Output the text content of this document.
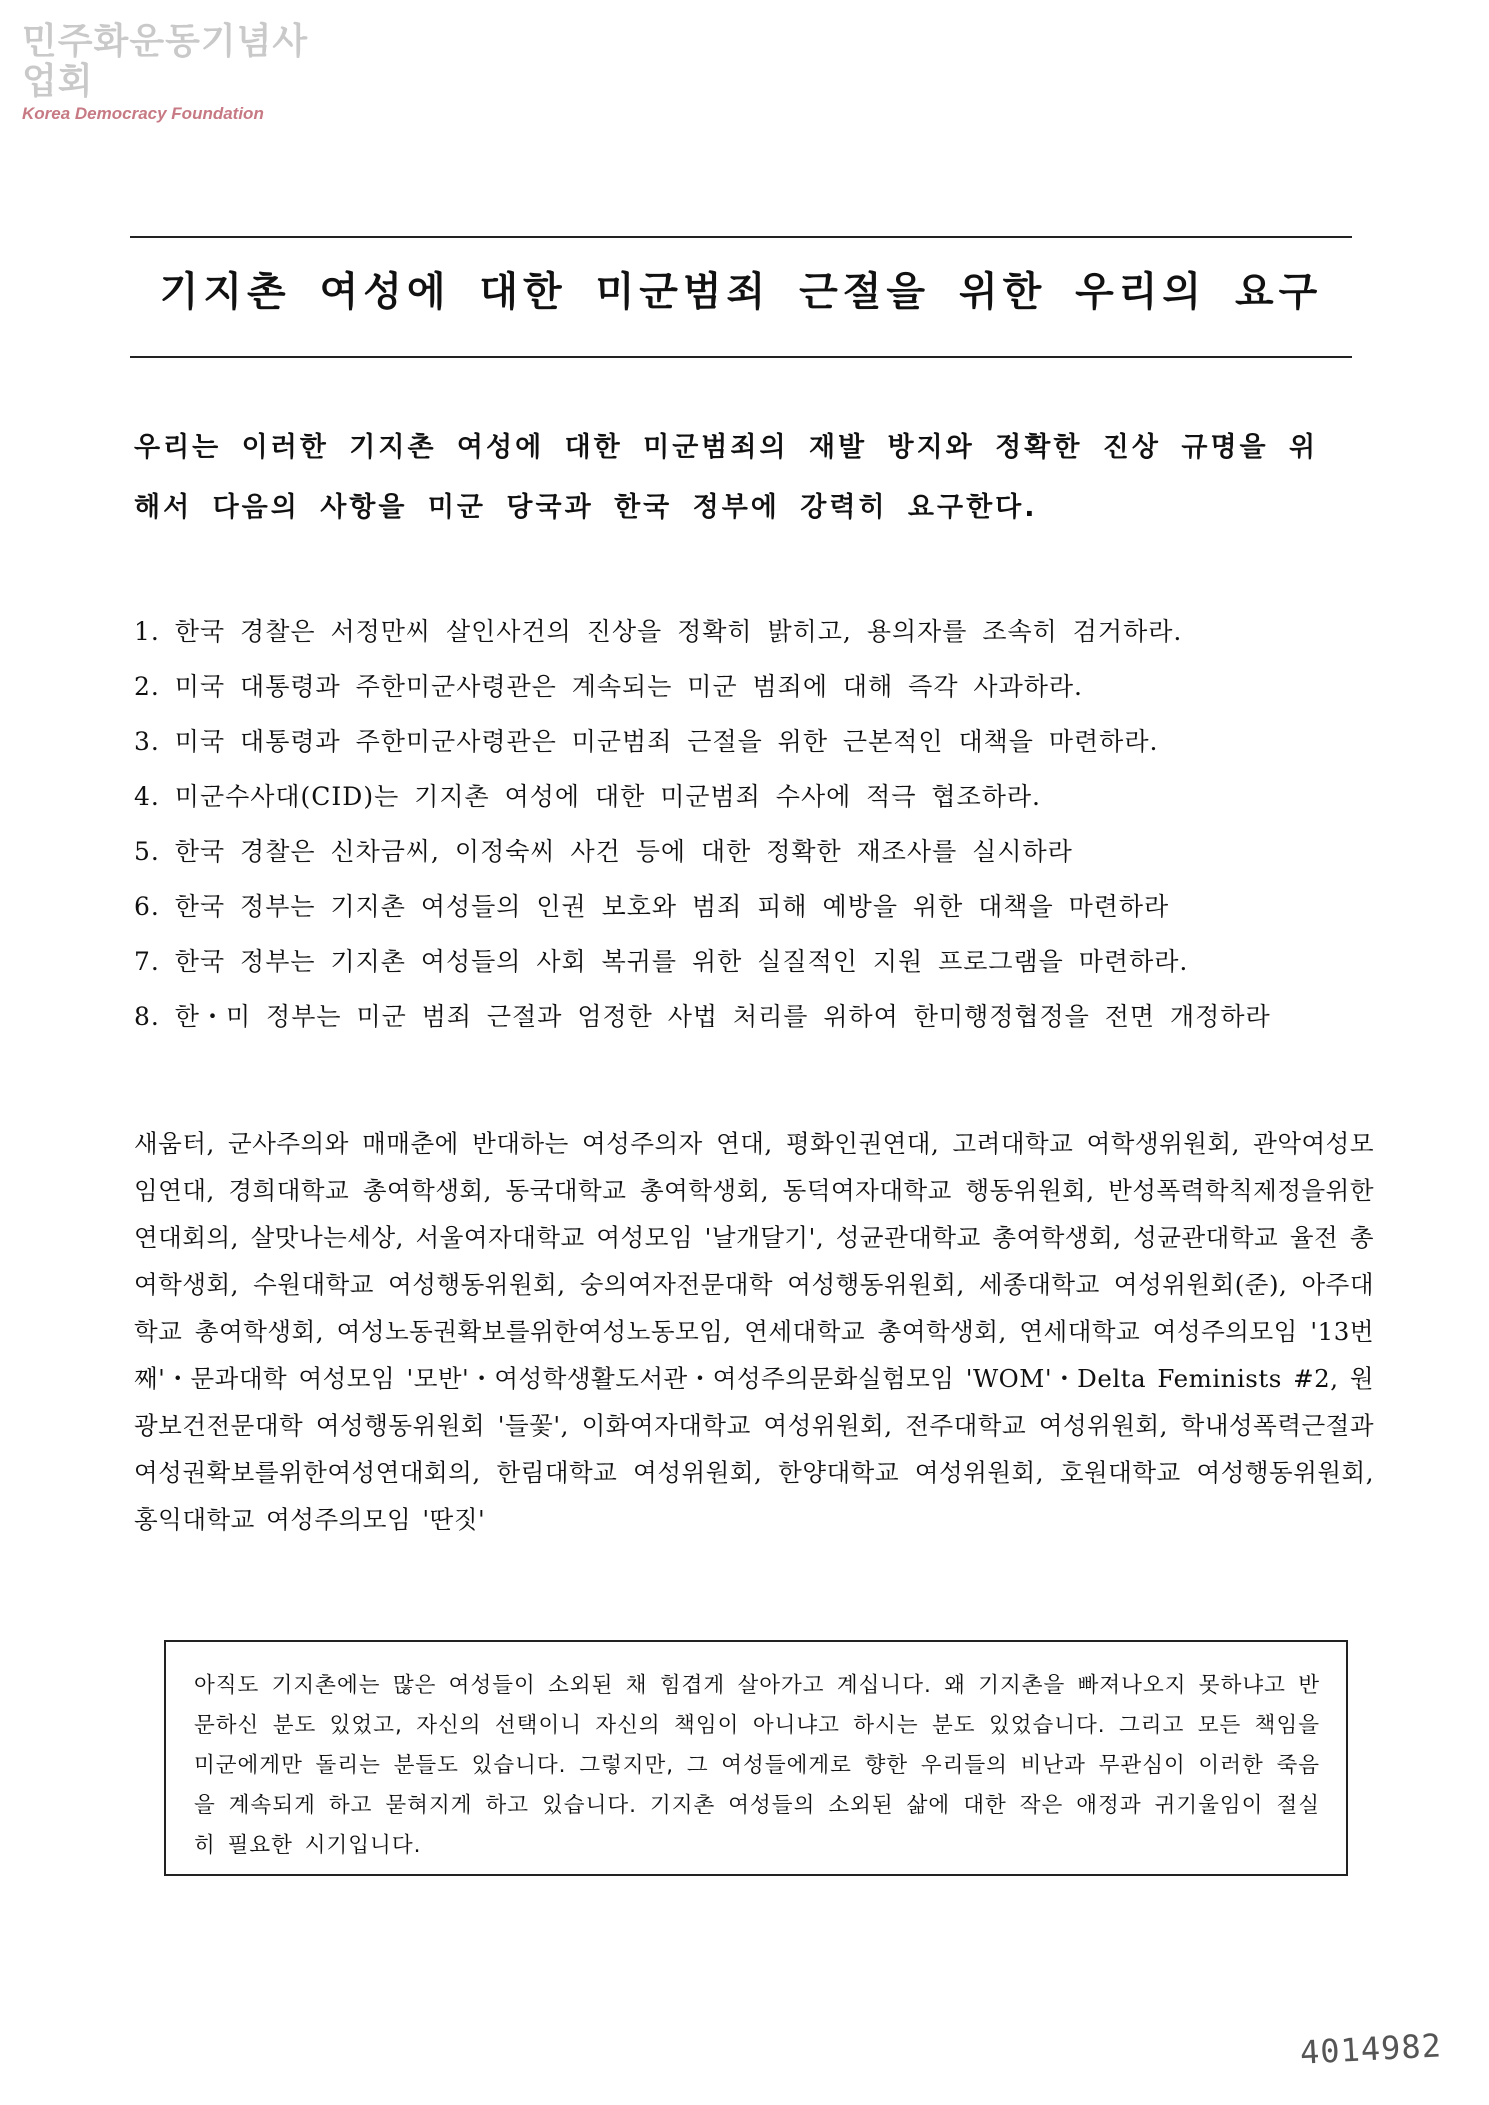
민주화운동기념사업회
Korea Democracy Foundation
기지촌 여성에 대한 미군범죄 근절을 위한 우리의 요구
우리는 이러한 기지촌 여성에 대한 미군범죄의 재발 방지와 정확한 진상 규명을 위
해서 다음의 사항을 미군 당국과 한국 정부에 강력히 요구한다.
1. 한국 경찰은 서정만씨 살인사건의 진상을 정확히 밝히고, 용의자를 조속히 검거하라.
2. 미국 대통령과 주한미군사령관은 계속되는 미군 범죄에 대해 즉각 사과하라.
3. 미국 대통령과 주한미군사령관은 미군범죄 근절을 위한 근본적인 대책을 마련하라.
4. 미군수사대(CID)는 기지촌 여성에 대한 미군범죄 수사에 적극 협조하라.
5. 한국 경찰은 신차금씨, 이정숙씨 사건 등에 대한 정확한 재조사를 실시하라
6. 한국 정부는 기지촌 여성들의 인권 보호와 범죄 피해 예방을 위한 대책을 마련하라
7. 한국 정부는 기지촌 여성들의 사회 복귀를 위한 실질적인 지원 프로그램을 마련하라.
8. 한・미 정부는 미군 범죄 근절과 엄정한 사법 처리를 위하여 한미행정협정을 전면 개정하라
새움터, 군사주의와 매매춘에 반대하는 여성주의자 연대, 평화인권연대, 고려대학교 여학생위원회, 관악여성모임연대, 경희대학교 총여학생회, 동국대학교 총여학생회, 동덕여자대학교 행동위원회, 반성폭력학칙제정을위한연대회의, 살맛나는세상, 서울여자대학교 여성모임 '날개달기', 성균관대학교 총여학생회, 성균관대학교 율전 총여학생회, 수원대학교 여성행동위원회, 숭의여자전문대학 여성행동위원회, 세종대학교 여성위원회(준), 아주대학교 총여학생회, 여성노동권확보를위한여성노동모임, 연세대학교 총여학생회, 연세대학교 여성주의모임 '13번째'・문과대학 여성모임 '모반'・여성학생활도서관・여성주의문화실험모임 'WOM'・Delta Feminists #2, 원광보건전문대학 여성행동위원회 '들꽃', 이화여자대학교 여성위원회, 전주대학교 여성위원회, 학내성폭력근절과여성권확보를위한여성연대회의, 한림대학교 여성위원회, 한양대학교 여성위원회, 호원대학교 여성행동위원회, 홍익대학교 여성주의모임 '딴짓'
아직도 기지촌에는 많은 여성들이 소외된 채 힘겹게 살아가고 계십니다. 왜 기지촌을 빠져나오지 못하냐고 반문하신 분도 있었고, 자신의 선택이니 자신의 책임이 아니냐고 하시는 분도 있었습니다. 그리고 모든 책임을 미군에게만 돌리는 분들도 있습니다. 그렇지만, 그 여성들에게로 향한 우리들의 비난과 무관심이 이러한 죽음을 계속되게 하고 묻혀지게 하고 있습니다. 기지촌 여성들의 소외된 삶에 대한 작은 애정과 귀기울임이 절실히 필요한 시기입니다.
4014982
